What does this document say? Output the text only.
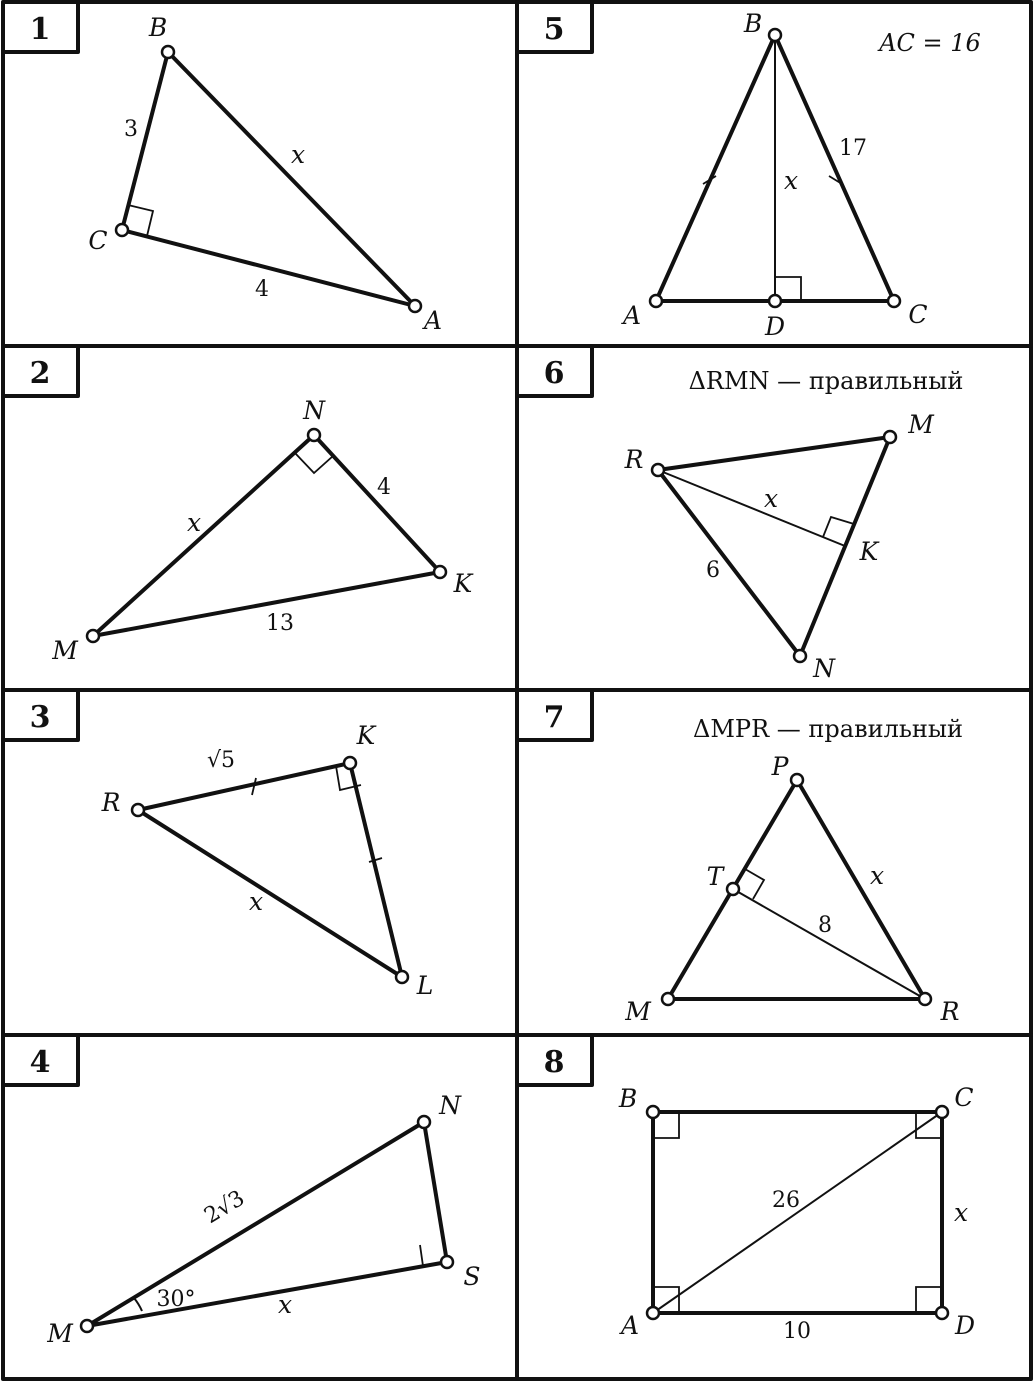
1	B
C
A
3
4
x
5	AC = 16
B
A	D	C
17
x
2
N
K
M
4
13
x
6	ΔRMN — правильный
R
M
K
N
6
x
3
R
K
L
√5
x
7	ΔMPR — правильный
P
T
M	R
8
x
4
N
S
M
2√3
x
30°
8
B	C
A	D
26
10
x
